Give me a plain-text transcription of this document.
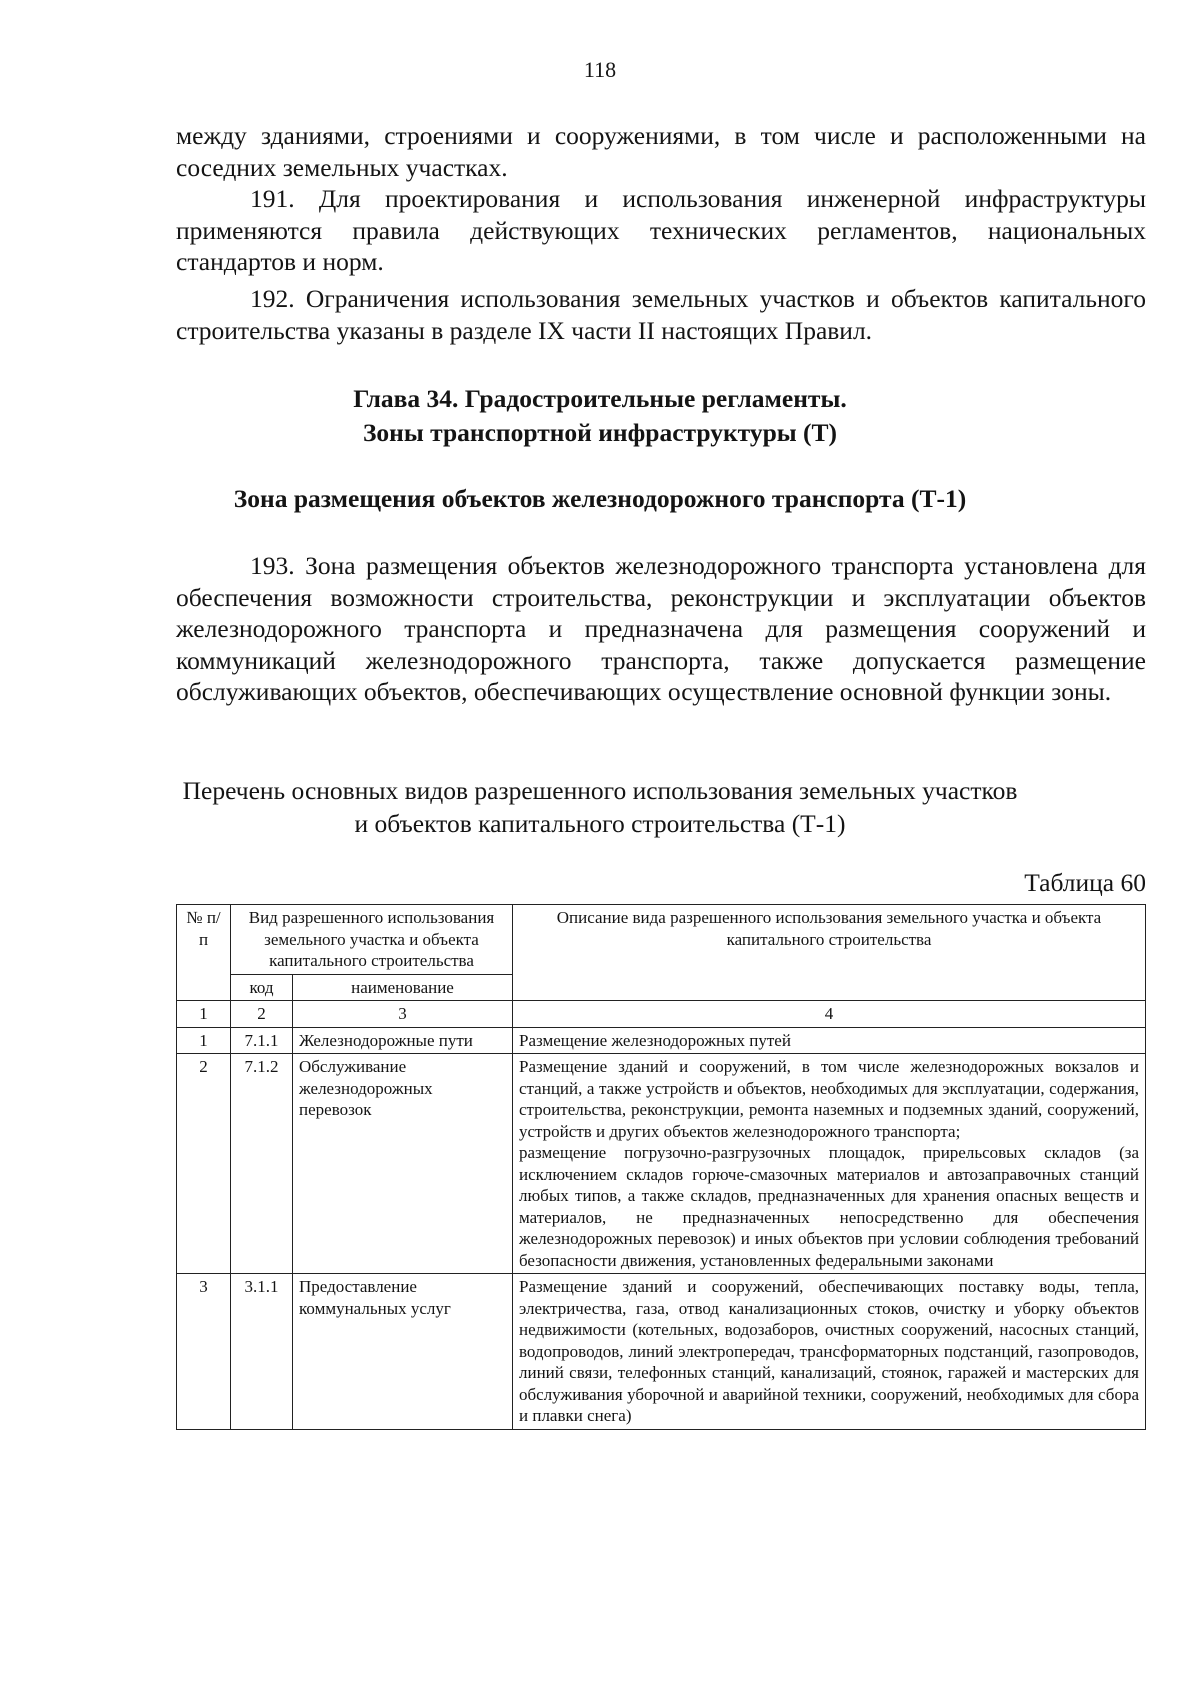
118

между зданиями, строениями и сооружениями, в том числе и расположенными на соседних земельных участках.

191. Для проектирования и использования инженерной инфраструктуры применяются правила действующих технических регламентов, национальных стандартов и норм.

192. Ограничения использования земельных участков и объектов капитального строительства указаны в разделе IX части II настоящих Правил.

Глава 34. Градостроительные регламенты.
Зоны транспортной инфраструктуры (Т)
Зона размещения объектов железнодорожного транспорта (Т-1)

193. Зона размещения объектов железнодорожного транспорта установлена для обеспечения возможности строительства, реконструкции и эксплуатации объектов железнодорожного транспорта и предназначена для размещения сооружений и коммуникаций железнодорожного транспорта, также допускается размещение обслуживающих объектов, обеспечивающих осуществление основной функции зоны.

Перечень основных видов разрешенного использования земельных участков
и объектов капитального строительства (Т-1)
Таблица 60
№ п/п	Вид разрешенного использования земельного участка и объекта капитального строительства		Описание вида разрешенного использования земельного участка и объекта капитального строительства
	код	наименование	
1	2	3	4
1	7.1.1	Железнодорожные пути	Размещение железнодорожных путей
2	7.1.2	Обслуживание железнодорожных перевозок	Размещение зданий и сооружений, в том числе железнодорожных вокзалов и станций, а также устройств и объектов, необходимых для эксплуатации, содержания, строительства, реконструкции, ремонта наземных и подземных зданий, сооружений, устройств и других объектов железнодорожного транспорта;
размещение погрузочно-разгрузочных площадок, прирельсовых складов (за исключением складов горюче-смазочных материалов и автозаправочных станций любых типов, а также складов, предназначенных для хранения опасных веществ и материалов, не предназначенных непосредственно для обеспечения железнодорожных перевозок) и иных объектов при условии соблюдения требований безопасности движения, установленных федеральными законами

3	3.1.1	Предоставление коммунальных услуг	Размещение зданий и сооружений, обеспечивающих поставку воды, тепла, электричества, газа, отвод канализационных стоков, очистку и уборку объектов недвижимости (котельных, водозаборов, очистных сооружений, насосных станций, водопроводов, линий электропередач, трансформаторных подстанций, газопроводов, линий связи, телефонных станций, канализаций, стоянок, гаражей и мастерских для обслуживания уборочной и аварийной техники, сооружений, необходимых для сбора и плавки снега)
